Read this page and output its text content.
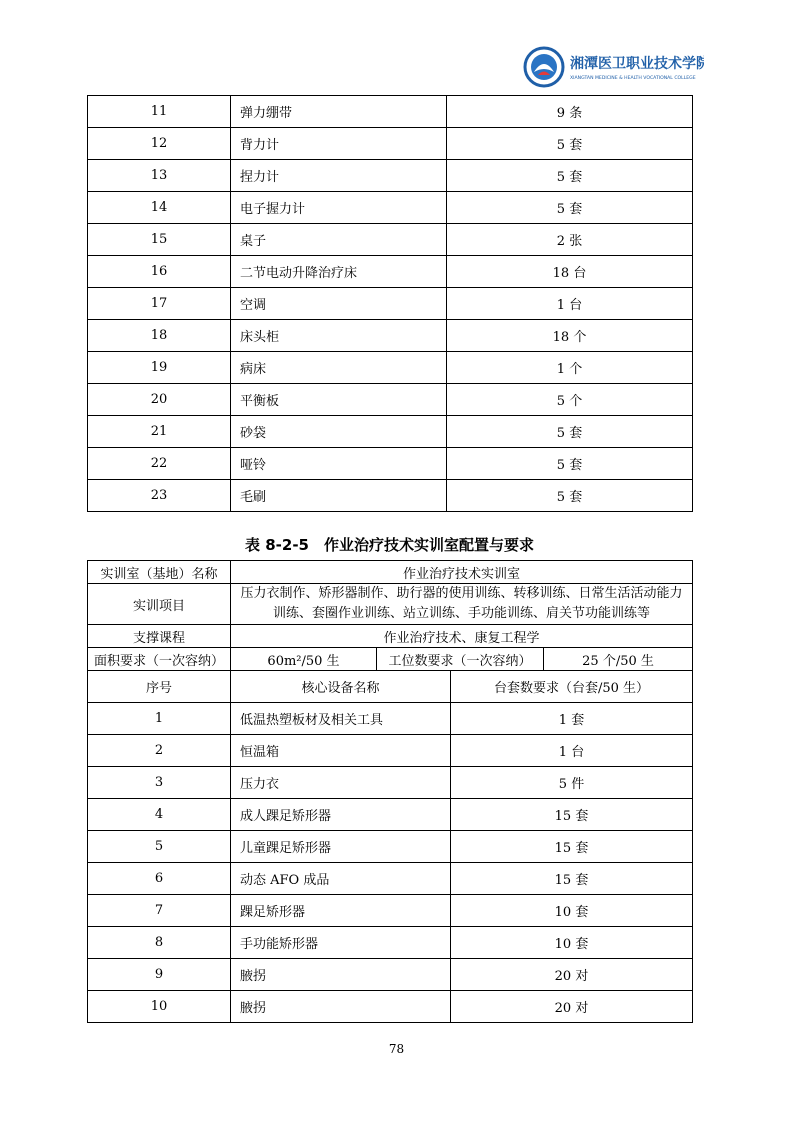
湘潭医卫职业技术学院
XIANGTAN MEDICINE & HEALTH VOCATIONAL COLLEGE
11	弹力绷带	9 条
12	背力计	5 套
13	捏力计	5 套
14	电子握力计	5 套
15	桌子	2 张
16	二节电动升降治疗床	18 台
17	空调	1 台
18	床头柜	18 个
19	病床	1 个
20	平衡板	5 个
21	砂袋	5 套
22	哑铃	5 套
23	毛刷	5 套
表 8-2-5　作业治疗技术实训室配置与要求
实训室（基地）名称	作业治疗技术实训室			
实训项目	压力衣制作、矫形器制作、助行器的使用训练、转移训练、日常生活活动能力训练、套圈作业训练、站立训练、手功能训练、肩关节功能训练等			
支撑课程	作业治疗技术、康复工程学			
面积要求（一次容纳）	60m²/50 生	工位数要求（一次容纳）		25 个/50 生
序号	核心设备名称		台套数要求（台套/50 生）	
1	低温热塑板材及相关工具		1 套	
2	恒温箱		1 台	
3	压力衣		5 件	
4	成人踝足矫形器		15 套	
5	儿童踝足矫形器		15 套	
6	动态 AFO 成品		15 套	
7	踝足矫形器		10 套	
8	手功能矫形器		10 套	
9	腋拐		20 对	
10	腋拐		20 对	
78
